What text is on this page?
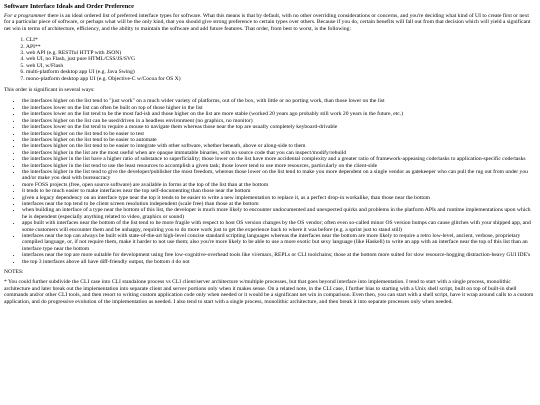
Software Interface Ideals and Order Preference

For a programmer there is an ideal ordered list of preferred interface types for software. What this means is that by default, with no other overriding considerations or concerns, and you're deciding what kind of UI to create first or next for a particular piece of software, or perhaps what will be the only kind, that you should give strong preference to certain types over others. Because if you do, certain benefits will fall out from that decision which will yield a significant net win in terms of architecture, efficiency, and the ability to maintain the software and add future features. That order, from best to worst, is the following:

1. CLI*
2. API**
3. web API (e.g. RESTful HTTP with JSON)
4. web UI, no Flash, just pure HTML/CSS/JS/SVG
5. web UI, w/Flash
6. multi-platform desktop app UI (e.g. Java Swing)
7. mono-platform desktop app UI (e.g. Objective-C w/Cocoa for OS X)

This order is significant in several ways:

• the interfaces higher on the list tend to "just work" on a much wider variety of platforms, out of the box, with little or no porting work, than those lower on the list
• the interfaces lower on the list can often be built on top of those higher in the list
• the interfaces lower on the list tend to be the most fad-ish and those higher on the list are more stable (worked 20 years ago probably still work 20 years in the future, etc.)
• the interfaces higher on the list can be used/driven in a headless environment (no graphics, no monitor)
• the interfaces lower on the list tend to require a mouse to navigate them whereas those near the top are usually completely keyboard-drivable
• the interfaces higher on the list tend to be easier to test
• the interfaces higher on the list tend to be easier to automate
• the interfaces higher on the list tend to be easier to integrate with other software, whether beneath, above or along-side to them
• the interfaces higher in the list are the most useful when are opaque immutable binaries, with no source code that you can inspect/modify/rebuild
• the interfaces higher in the list have a higher ratio of substance to superficiality; those lower on the list have more accidental complexity and a greater ratio of framework-appeasing code/tasks to application-specific code/tasks
• the interfaces higher in the list tend to use the least resources to accomplish a given task; those lower tend to use more resources, particularly on the client-side
• the interfaces higher in the list tend to give the developer/publisher the most freedom, whereas those lower on the list tend to make you more dependent on a single vendor as gatekeeper who can pull the rug out from under you and/or make you deal with bureaucracy
• more FOSS projects (free, open source software) are available in forms at the top of the list than at the bottom
• it tends to be much easier to make interfaces near the top self-documenting than those near the bottom
• given a legacy dependency on an interface type near the top it tends to be easier to write a new implementation to replace it, as a perfect drop-in workalike, than those near the bottom
• interfaces near the top tend to be client screen resolution independent (scale free) than those at the bottom
• when building an interface of a type near the bottom of this list, the developer is much more likely to encounter undocumented and unexpected quirks and problems in the platform APIs and runtime implementations upon which he is dependent (especially anything related to video, graphics or sound)
• apps built with interfaces near the bottom of the list tend to be more fragile with respect to host OS version changes by the OS vendor; often even so-called minor OS version bumps can cause glitches with your shipped app, and some customers will encounter them and be unhappy, requiring you to do more work just to get the experience back to where it was before (e.g. a sprint just to stand still)
• interfaces near the top can always be built with state-of-the-art high-level concise standard scripting languages whereas the interfaces near the bottom are more likely to require a retro low-level, ancient, verbose, proprietary compiled language, or, if not require them, make it harder to not use them; also you're more likely to be able to use a more exotic but sexy language (like Haskell) to write an app with an interface near the top of this list than an interface type near the bottom
• interfaces near the top are more suitable for development using free low-cognitive-overhead tools like vi/emacs, REPLs or CLI toolchains; those at the bottom more suited for slow resource-hogging distraction-heavy GUI IDE's
• the top 3 interfaces above all have diff-friendly output, the bottom 4 do not

NOTES:

* You could further subdivide the CLI case into CLI standalone process vs CLI client/server architecture w/multiple processes, but that goes beyond interface into implementation. I tend to start with a single process, monolithic architecture and later break out the implementation into separate client and server portions only when it makes sense. On a related note, in the CLI case, I further bias to starting with a Unix shell script, built on top of built-in shell commands and/or other CLI tools, and then resort to writing custom application code only when needed or it would be a significant net win in comparison. Even then, you can start with a shell script, have it wrap around calls to a custom application, and do progressive evolution of the implementation as needed. I also tend to start with a single process, monolithic architecture, and then break it into separate processes only when needed.
